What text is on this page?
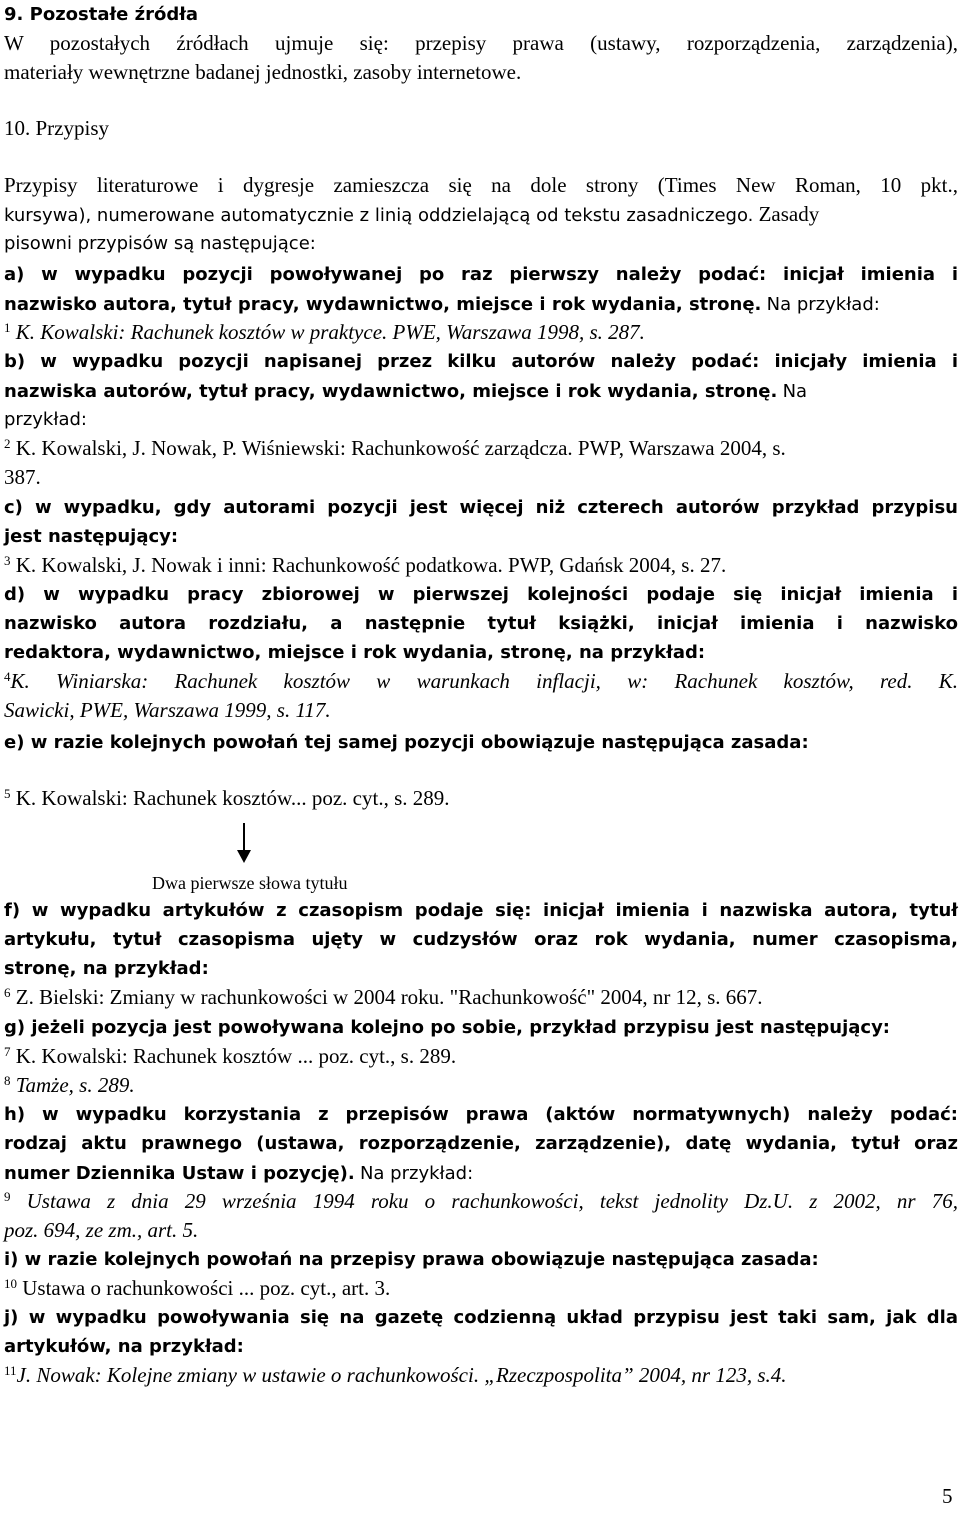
9. Pozostałe źródła
W pozostałych źródłach ujmuje się: przepisy prawa (ustawy, rozporządzenia, zarządzenia),
materiały wewnętrzne badanej jednostki, zasoby internetowe.
10. Przypisy
Przypisy literaturowe i dygresje zamieszcza się na dole strony (Times New Roman, 10 pkt.,
kursywa), numerowane automatycznie z linią oddzielającą od tekstu zasadniczego. Zasady
pisowni przypisów są następujące:
a) w wypadku pozycji powoływanej po raz pierwszy należy podać: inicjał imienia i
nazwisko autora, tytuł pracy, wydawnictwo, miejsce i rok wydania, stronę. Na przykład:
$^1$ K. Kowalski: Rachunek kosztów w praktyce. PWE, Warszawa 1998, s. 287.
b) w wypadku pozycji napisanej przez kilku autorów należy podać: inicjały imienia i
nazwiska autorów, tytuł pracy, wydawnictwo, miejsce i rok wydania, stronę. Na
przykład:
$^2$ K. Kowalski, J. Nowak, P. Wiśniewski: Rachunkowość zarządcza. PWP, Warszawa 2004, s.
387.
c) w wypadku, gdy autorami pozycji jest więcej niż czterech autorów przykład przypisu
jest następujący:
$^3$ K. Kowalski, J. Nowak i inni: Rachunkowość podatkowa. PWP, Gdańsk 2004, s. 27.
d) w wypadku pracy zbiorowej w pierwszej kolejności podaje się inicjał imienia i
nazwisko autora rozdziału, a następnie tytuł książki, inicjał imienia i nazwisko
redaktora, wydawnictwo, miejsce i rok wydania, stronę, na przykład:
$^4$K. Winiarska: Rachunek kosztów w warunkach inflacji, w: Rachunek kosztów, red. K.
Sawicki, PWE, Warszawa 1999, s. 117.
e) w razie kolejnych powołań tej samej pozycji obowiązuje następująca zasada:
$^5$ K. Kowalski: Rachunek kosztów... poz. cyt., s. 289.
Dwa pierwsze słowa tytułu
f) w wypadku artykułów z czasopism podaje się: inicjał imienia i nazwiska autora, tytuł
artykułu, tytuł czasopisma ujęty w cudzysłów oraz rok wydania, numer czasopisma,
stronę, na przykład:
$^6$ Z. Bielski: Zmiany w rachunkowości w 2004 roku. "Rachunkowość" 2004, nr 12, s. 667.
g) jeżeli pozycja jest powoływana kolejno po sobie, przykład przypisu jest następujący:
$^7$ K. Kowalski: Rachunek kosztów ... poz. cyt., s. 289.
$^8$ Tamże, s. 289.
h) w wypadku korzystania z przepisów prawa (aktów normatywnych) należy podać:
rodzaj aktu prawnego (ustawa, rozporządzenie, zarządzenie), datę wydania, tytuł oraz
numer Dziennika Ustaw i pozycję). Na przykład:
$^9$ Ustawa z dnia 29 września 1994 roku o rachunkowości, tekst jednolity Dz.U. z 2002, nr 76,
poz. 694, ze zm., art. 5.
i) w razie kolejnych powołań na przepisy prawa obowiązuje następująca zasada:
$^{10}$ Ustawa o rachunkowości ... poz. cyt., art. 3.
j) w wypadku powoływania się na gazetę codzienną układ przypisu jest taki sam, jak dla
artykułów, na przykład:
$^{11}$J. Nowak: Kolejne zmiany w ustawie o rachunkowości. „Rzeczpospolita” 2004, nr 123, s.4.
5
